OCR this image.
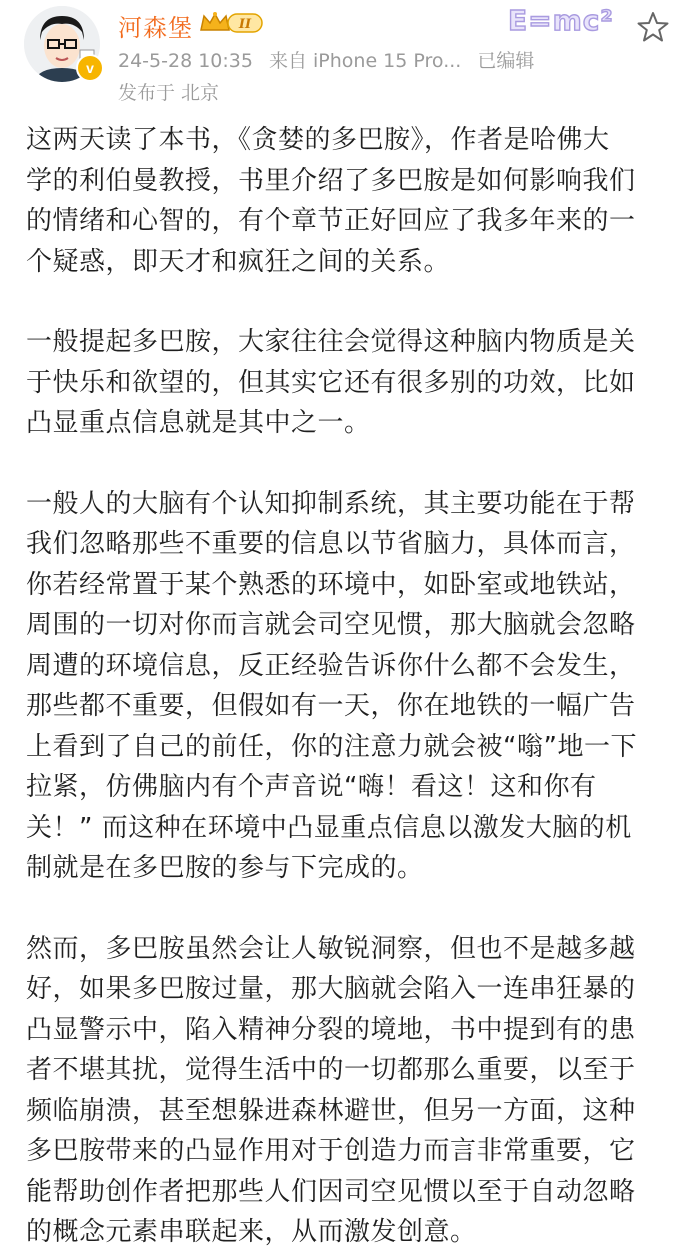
v
河森堡	II
24-5-28 10:35 来自 iPhone 15 Pro... 已编辑
发布于 北京
E=mc²

这两天读了本书，《贪婪的多巴胺》，作者是哈佛大
学的利伯曼教授，书里介绍了多巴胺是如何影响我们
的情绪和心智的，有个章节正好回应了我多年来的一
个疑惑，即天才和疯狂之间的关系。

一般提起多巴胺，大家往往会觉得这种脑内物质是关
于快乐和欲望的，但其实它还有很多别的功效，比如
凸显重点信息就是其中之一。

一般人的大脑有个认知抑制系统，其主要功能在于帮
我们忽略那些不重要的信息以节省脑力，具体而言，
你若经常置于某个熟悉的环境中，如卧室或地铁站，
周围的一切对你而言就会司空见惯，那大脑就会忽略
周遭的环境信息，反正经验告诉你什么都不会发生，
那些都不重要，但假如有一天，你在地铁的一幅广告
上看到了自己的前任，你的注意力就会被“嗡”地一下
拉紧，仿佛脑内有个声音说“嗨！看这！这和你有
关！” 而这种在环境中凸显重点信息以激发大脑的机
制就是在多巴胺的参与下完成的。

然而，多巴胺虽然会让人敏锐洞察，但也不是越多越
好，如果多巴胺过量，那大脑就会陷入一连串狂暴的
凸显警示中，陷入精神分裂的境地，书中提到有的患
者不堪其扰，觉得生活中的一切都那么重要，以至于
频临崩溃，甚至想躲进森林避世，但另一方面，这种
多巴胺带来的凸显作用对于创造力而言非常重要，它
能帮助创作者把那些人们因司空见惯以至于自动忽略
的概念元素串联起来，从而激发创意。
